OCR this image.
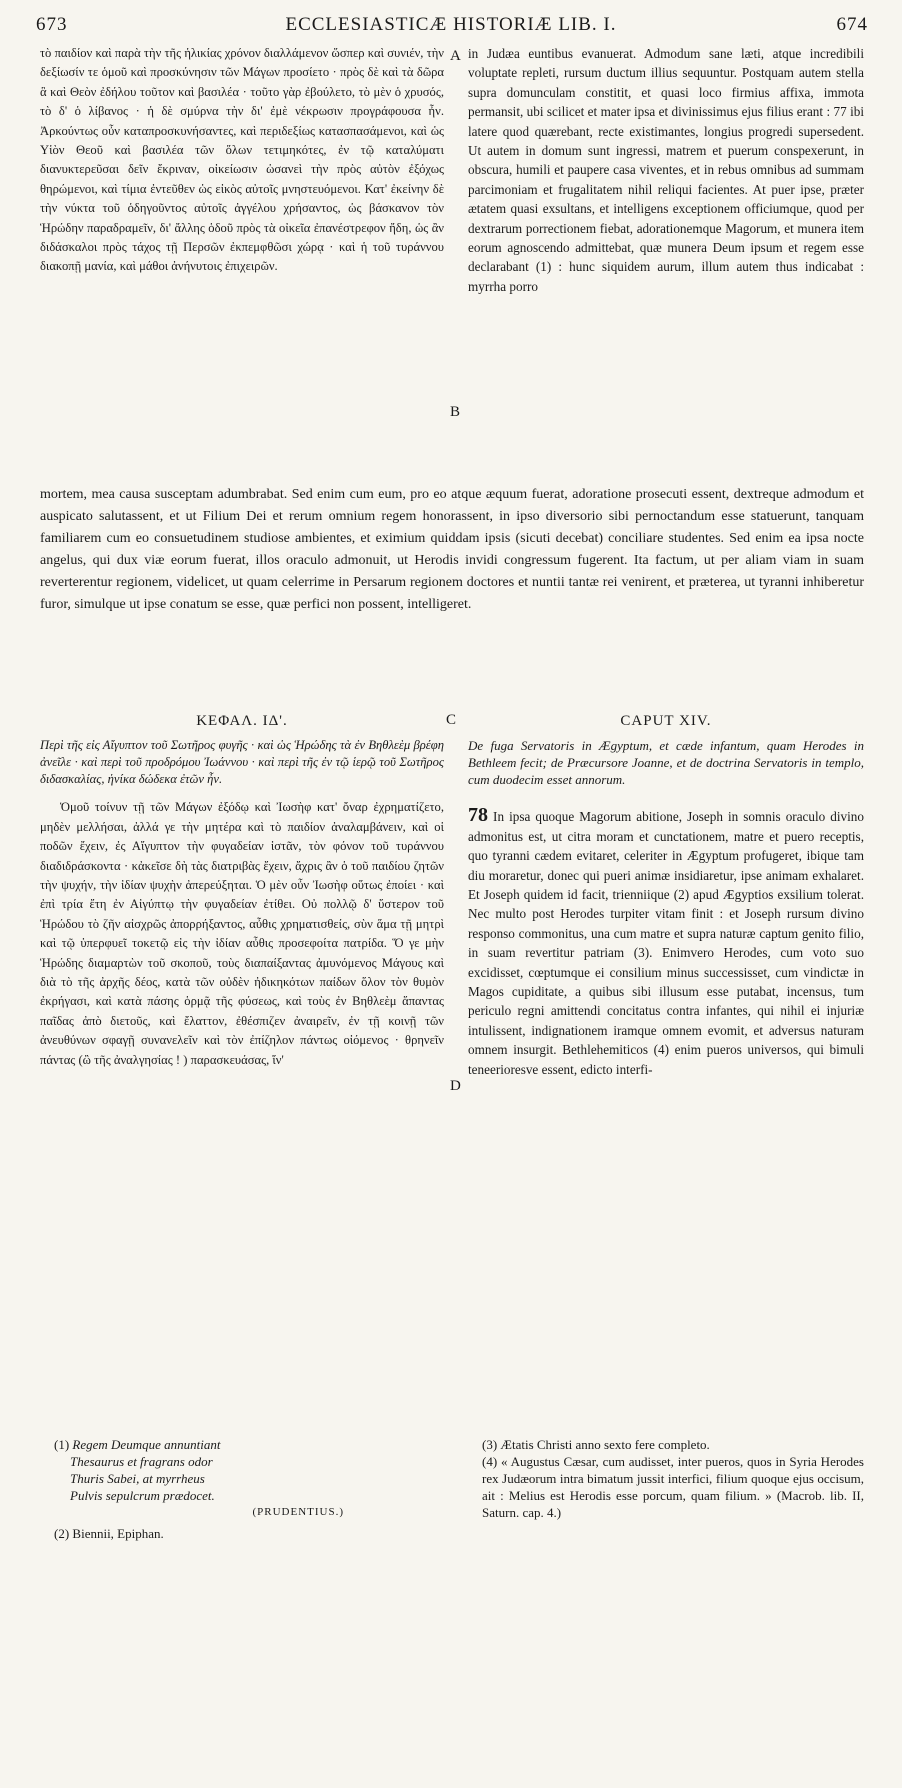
673	ECCLESIASTICÆ HISTORIÆ LIB. I.	674

τὸ παιδίον καὶ παρὰ τὴν τῆς ἡλικίας χρόνον διαλλάμενον ὥσπερ καὶ συνιέν, τὴν δεξίωσίν τε ὁμοῦ καὶ προσκύνησιν τῶν Μάγων προσίετο · πρὸς δὲ καὶ τὰ δῶρα ἃ καὶ Θεὸν ἐδήλου τοῦτον καὶ βασιλέα · τοῦτο γὰρ ἐβούλετο, τὸ μὲν ὁ χρυσός, τὸ δ' ὁ λίβανος · ἡ δὲ σμύρνα τὴν δι' ἐμὲ νέκρωσιν προγράφουσα ἦν. Ἀρκούντως οὖν καταπροσκυνήσαντες, καὶ περιδεξίως κατασπασάμενοι, καὶ ὡς Υἱὸν Θεοῦ καὶ βασιλέα τῶν ὅλων τετιμηκότες, ἐν τῷ καταλύματι διανυκτερεῦσαι δεῖν ἔκριναν, οἰκείωσιν ὡσανεὶ τὴν πρὸς αὐτὸν ἐξόχως θηρώμενοι, καὶ τίμια ἐντεῦθεν ὡς εἰκὸς αὐτοῖς μνηστευόμενοι. Κατ' ἐκείνην δὲ τὴν νύκτα τοῦ ὁδηγοῦντος αὐτοῖς ἀγγέλου χρήσαντος, ὡς βάσκανον τὸν Ἡρώδην παραδραμεῖν, δι' ἄλλης ὁδοῦ πρὸς τὰ οἰκεῖα ἐπανέστρεφον ἤδη, ὡς ἂν διδάσκαλοι πρὸς τάχος τῇ Περσῶν ἐκπεμφθῶσι χώρᾳ · καὶ ἡ τοῦ τυράννου διακοπῇ μανία, καὶ μάθοι ἀνήνυτοις ἐπιχειρῶν.

in Judæa euntibus evanuerat. Admodum sane læti, atque incredibili voluptate repleti, rursum ductum illius sequuntur. Postquam autem stella supra domunculam constitit, et quasi loco firmius affixa, immota permansit, ubi scilicet et mater ipsa et divinissimus ejus filius erant : 77 ibi latere quod quærebant, recte existimantes, longius progredi supersedent. Ut autem in domum sunt ingressi, matrem et puerum conspexerunt, in obscura, humili et paupere casa viventes, et in rebus omnibus ad summam parcimoniam et frugalitatem nihil reliqui facientes. At puer ipse, præter ætatem quasi exsultans, et intelligens exceptionem officiumque, quod per dextrarum porrectionem fiebat, adorationemque Magorum, et munera item eorum agnoscendo admittebat, quæ munera Deum ipsum et regem esse declarabant (1) : hunc siquidem aurum, illum autem thus indicabat : myrrha porro

A
B
C
D

mortem, mea causa susceptam adumbrabat. Sed enim cum eum, pro eo atque æquum fuerat, adoratione prosecuti essent, dextreque admodum et auspicato salutassent, et ut Filium Dei et rerum omnium regem honorassent, in ipso diversorio sibi pernoctandum esse statuerunt, tanquam familiarem cum eo consuetudinem studiose ambientes, et eximium quiddam ipsis (sicuti decebat) conciliare studentes. Sed enim ea ipsa nocte angelus, qui dux viæ eorum fuerat, illos oraculo admonuit, ut Herodis invidi congressum fugerent. Ita factum, ut per aliam viam in suam reverterentur regionem, videlicet, ut quam celerrime in Persarum regionem doctores et nuntii tantæ rei venirent, et præterea, ut tyranni inhiberetur furor, simulque ut ipse conatum se esse, quæ perfici non possent, intelligeret.

ΚΕΦΑΛ. ΙΔ'.
Περὶ τῆς εἰς Αἴγυπτον τοῦ Σωτῆρος φυγῆς · καὶ ὡς Ἡρώδης τὰ ἐν Βηθλεὲμ βρέφη ἀνεῖλε · καὶ περὶ τοῦ προδρόμου Ἰωάννου · καὶ περὶ τῆς ἐν τῷ ἱερῷ τοῦ Σωτῆρος διδασκαλίας, ἡνίκα δώδεκα ἐτῶν ἦν.

Ὁμοῦ τοίνυν τῇ τῶν Μάγων ἐξόδῳ καὶ Ἰωσὴφ κατ' ὄναρ ἐχρηματίζετο, μηδὲν μελλήσαι, ἀλλά γε τὴν μητέρα καὶ τὸ παιδίον ἀναλαμβάνειν, καὶ οἱ ποδῶν ἔχειν, ἐς Αἴγυπτον τὴν φυγαδείαν ἱστᾶν, τὸν φόνον τοῦ τυράννου διαδιδράσκοντα · κἀκεῖσε δὴ τὰς διατριβὰς ἔχειν, ἄχρις ἂν ὁ τοῦ παιδίου ζητῶν τὴν ψυχήν, τὴν ἰδίαν ψυχὴν ἀπερεύξηται. Ὁ μὲν οὖν Ἰωσὴφ οὕτως ἐποίει · καὶ ἐπὶ τρία ἔτη ἐν Αἰγύπτῳ τὴν φυγαδείαν ἐτίθει. Οὐ πολλῷ δ' ὕστερον τοῦ Ἡρώδου τὸ ζῆν αἰσχρῶς ἀπορρήξαντος, αὖθις χρηματισθείς, σὺν ἅμα τῇ μητρὶ καὶ τῷ ὑπερφυεῖ τοκετῷ εἰς τὴν ἰδίαν αὖθις προσεφοίτα πατρίδα. Ὅ γε μὴν Ἡρώδης διαμαρτὼν τοῦ σκοποῦ, τοὺς διαπαίξαντας ἀμυνόμενος Μάγους καὶ διὰ τὸ τῆς ἀρχῆς δέος, κατὰ τῶν οὐδὲν ἠδικηκότων παίδων ὅλον τὸν θυμὸν ἐκρήγασι, καὶ κατὰ πάσης ὁρμᾷ τῆς φύσεως, καὶ τοὺς ἐν Βηθλεὲμ ἅπαντας παῖδας ἀπὸ διετοῦς, καὶ ἔλαττον, ἐθέσπιζεν ἀναιρεῖν, ἐν τῇ κοινῇ τῶν ἀνευθύνων σφαγῇ συνανελεῖν καὶ τὸν ἐπίζηλον πάντως οἰόμενος · θρηνεῖν πάντας (ὢ τῆς ἀναλγησίας ! ) παρασκευάσας, ἵν'

CAPUT XIV.
De fuga Servatoris in Ægyptum, et cæde infantum, quam Herodes in Bethleem fecit; de Præcursore Joanne, et de doctrina Servatoris in templo, cum duodecim esset annorum.

78 In ipsa quoque Magorum abitione, Joseph in somnis oraculo divino admonitus est, ut citra moram et cunctationem, matre et puero receptis, quo tyranni cædem evitaret, celeriter in Ægyptum profugeret, ibique tam diu moraretur, donec qui pueri animæ insidiaretur, ipse animam exhalaret. Et Joseph quidem id facit, trienniique (2) apud Ægyptios exsilium tolerat. Nec multo post Herodes turpiter vitam finit : et Joseph rursum divino responso commonitus, una cum matre et supra naturæ captum genito filio, in suam revertitur patriam (3). Enimvero Herodes, cum voto suo excidisset, cœptumque ei consilium minus successisset, cum vindictæ in Magos cupiditate, a quibus sibi illusum esse putabat, incensus, tum periculo regni amittendi concitatus contra infantes, qui nihil ei injuriæ intulissent, indignationem iramque omnem evomit, et adversus naturam omnem insurgit. Bethlehemiticos (4) enim pueros universos, qui bimuli teneerioresve essent, edicto interfi-

(1) Regem Deumque annuntiant
Thesaurus et fragrans odor
Thuris Sabei, at myrrheus
Pulvis sepulcrum prædocet.
(PRUDENTIUS.)
(2) Biennii, Epiphan.
(3) Ætatis Christi anno sexto fere completo.
(4) « Augustus Cæsar, cum audisset, inter pueros, quos in Syria Herodes rex Judæorum intra bimatum jussit interfici, filium quoque ejus occisum, ait : Melius est Herodis esse porcum, quam filium. » (Macrob. lib. II, Saturn. cap. 4.)
